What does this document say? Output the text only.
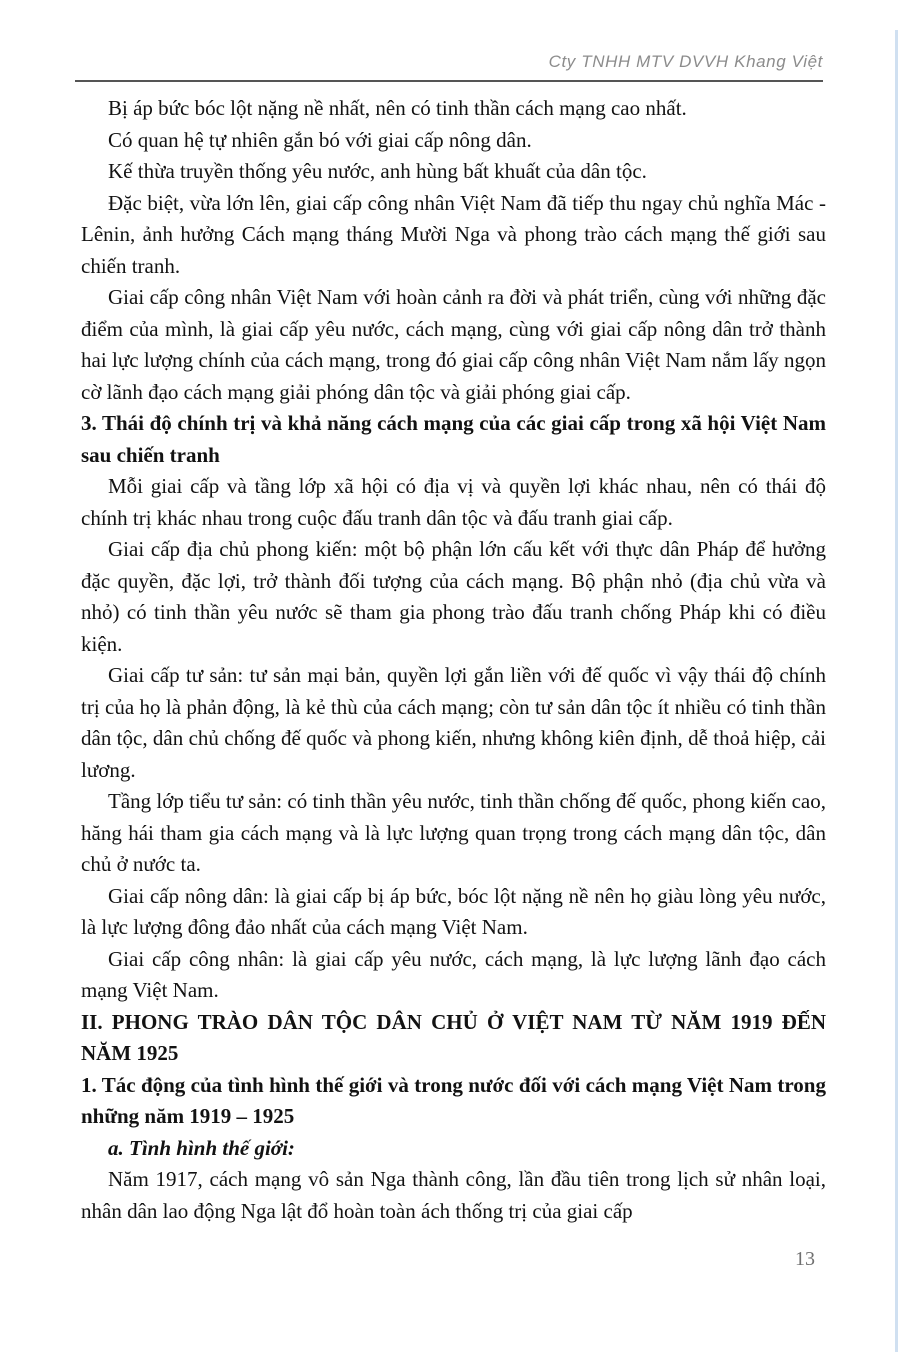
Cty TNHH MTV DVVH Khang Việt

Bị áp bức bóc lột nặng nề nhất, nên có tinh thần cách mạng cao nhất.

Có quan hệ tự nhiên gắn bó với giai cấp nông dân.

Kế thừa truyền thống yêu nước, anh hùng bất khuất của dân tộc.

Đặc biệt, vừa lớn lên, giai cấp công nhân Việt Nam đã tiếp thu ngay chủ nghĩa Mác - Lênin, ảnh hưởng Cách mạng tháng Mười Nga và phong trào cách mạng thế giới sau chiến tranh.

Giai cấp công nhân Việt Nam với hoàn cảnh ra đời và phát triển, cùng với những đặc điểm của mình, là giai cấp yêu nước, cách mạng, cùng với giai cấp nông dân trở thành hai lực lượng chính của cách mạng, trong đó giai cấp công nhân Việt Nam nắm lấy ngọn cờ lãnh đạo cách mạng giải phóng dân tộc và giải phóng giai cấp.

3. Thái độ chính trị và khả năng cách mạng của các giai cấp trong xã hội Việt Nam sau chiến tranh

Mỗi giai cấp và tầng lớp xã hội có địa vị và quyền lợi khác nhau, nên có thái độ chính trị khác nhau trong cuộc đấu tranh dân tộc và đấu tranh giai cấp.

Giai cấp địa chủ phong kiến: một bộ phận lớn cấu kết với thực dân Pháp để hưởng đặc quyền, đặc lợi, trở thành đối tượng của cách mạng. Bộ phận nhỏ (địa chủ vừa và nhỏ) có tinh thần yêu nước sẽ tham gia phong trào đấu tranh chống Pháp khi có điều kiện.

Giai cấp tư sản: tư sản mại bản, quyền lợi gắn liền với đế quốc vì vậy thái độ chính trị của họ là phản động, là kẻ thù của cách mạng; còn tư sản dân tộc ít nhiều có tinh thần dân tộc, dân chủ chống đế quốc và phong kiến, nhưng không kiên định, dễ thoả hiệp, cải lương.

Tầng lớp tiểu tư sản: có tinh thần yêu nước, tinh thần chống đế quốc, phong kiến cao, hăng hái tham gia cách mạng và là lực lượng quan trọng trong cách mạng dân tộc, dân chủ ở nước ta.

Giai cấp nông dân: là giai cấp bị áp bức, bóc lột nặng nề nên họ giàu lòng yêu nước, là lực lượng đông đảo nhất của cách mạng Việt Nam.

Giai cấp công nhân: là giai cấp yêu nước, cách mạng, là lực lượng lãnh đạo cách mạng Việt Nam.

II. PHONG TRÀO DÂN TỘC DÂN CHỦ Ở VIỆT NAM TỪ NĂM 1919 ĐẾN NĂM 1925

1. Tác động của tình hình thế giới và trong nước đối với cách mạng Việt Nam trong những năm 1919 – 1925

a. Tình hình thế giới:

Năm 1917, cách mạng vô sản Nga thành công, lần đầu tiên trong lịch sử nhân loại, nhân dân lao động Nga lật đổ hoàn toàn ách thống trị của giai cấp

13
